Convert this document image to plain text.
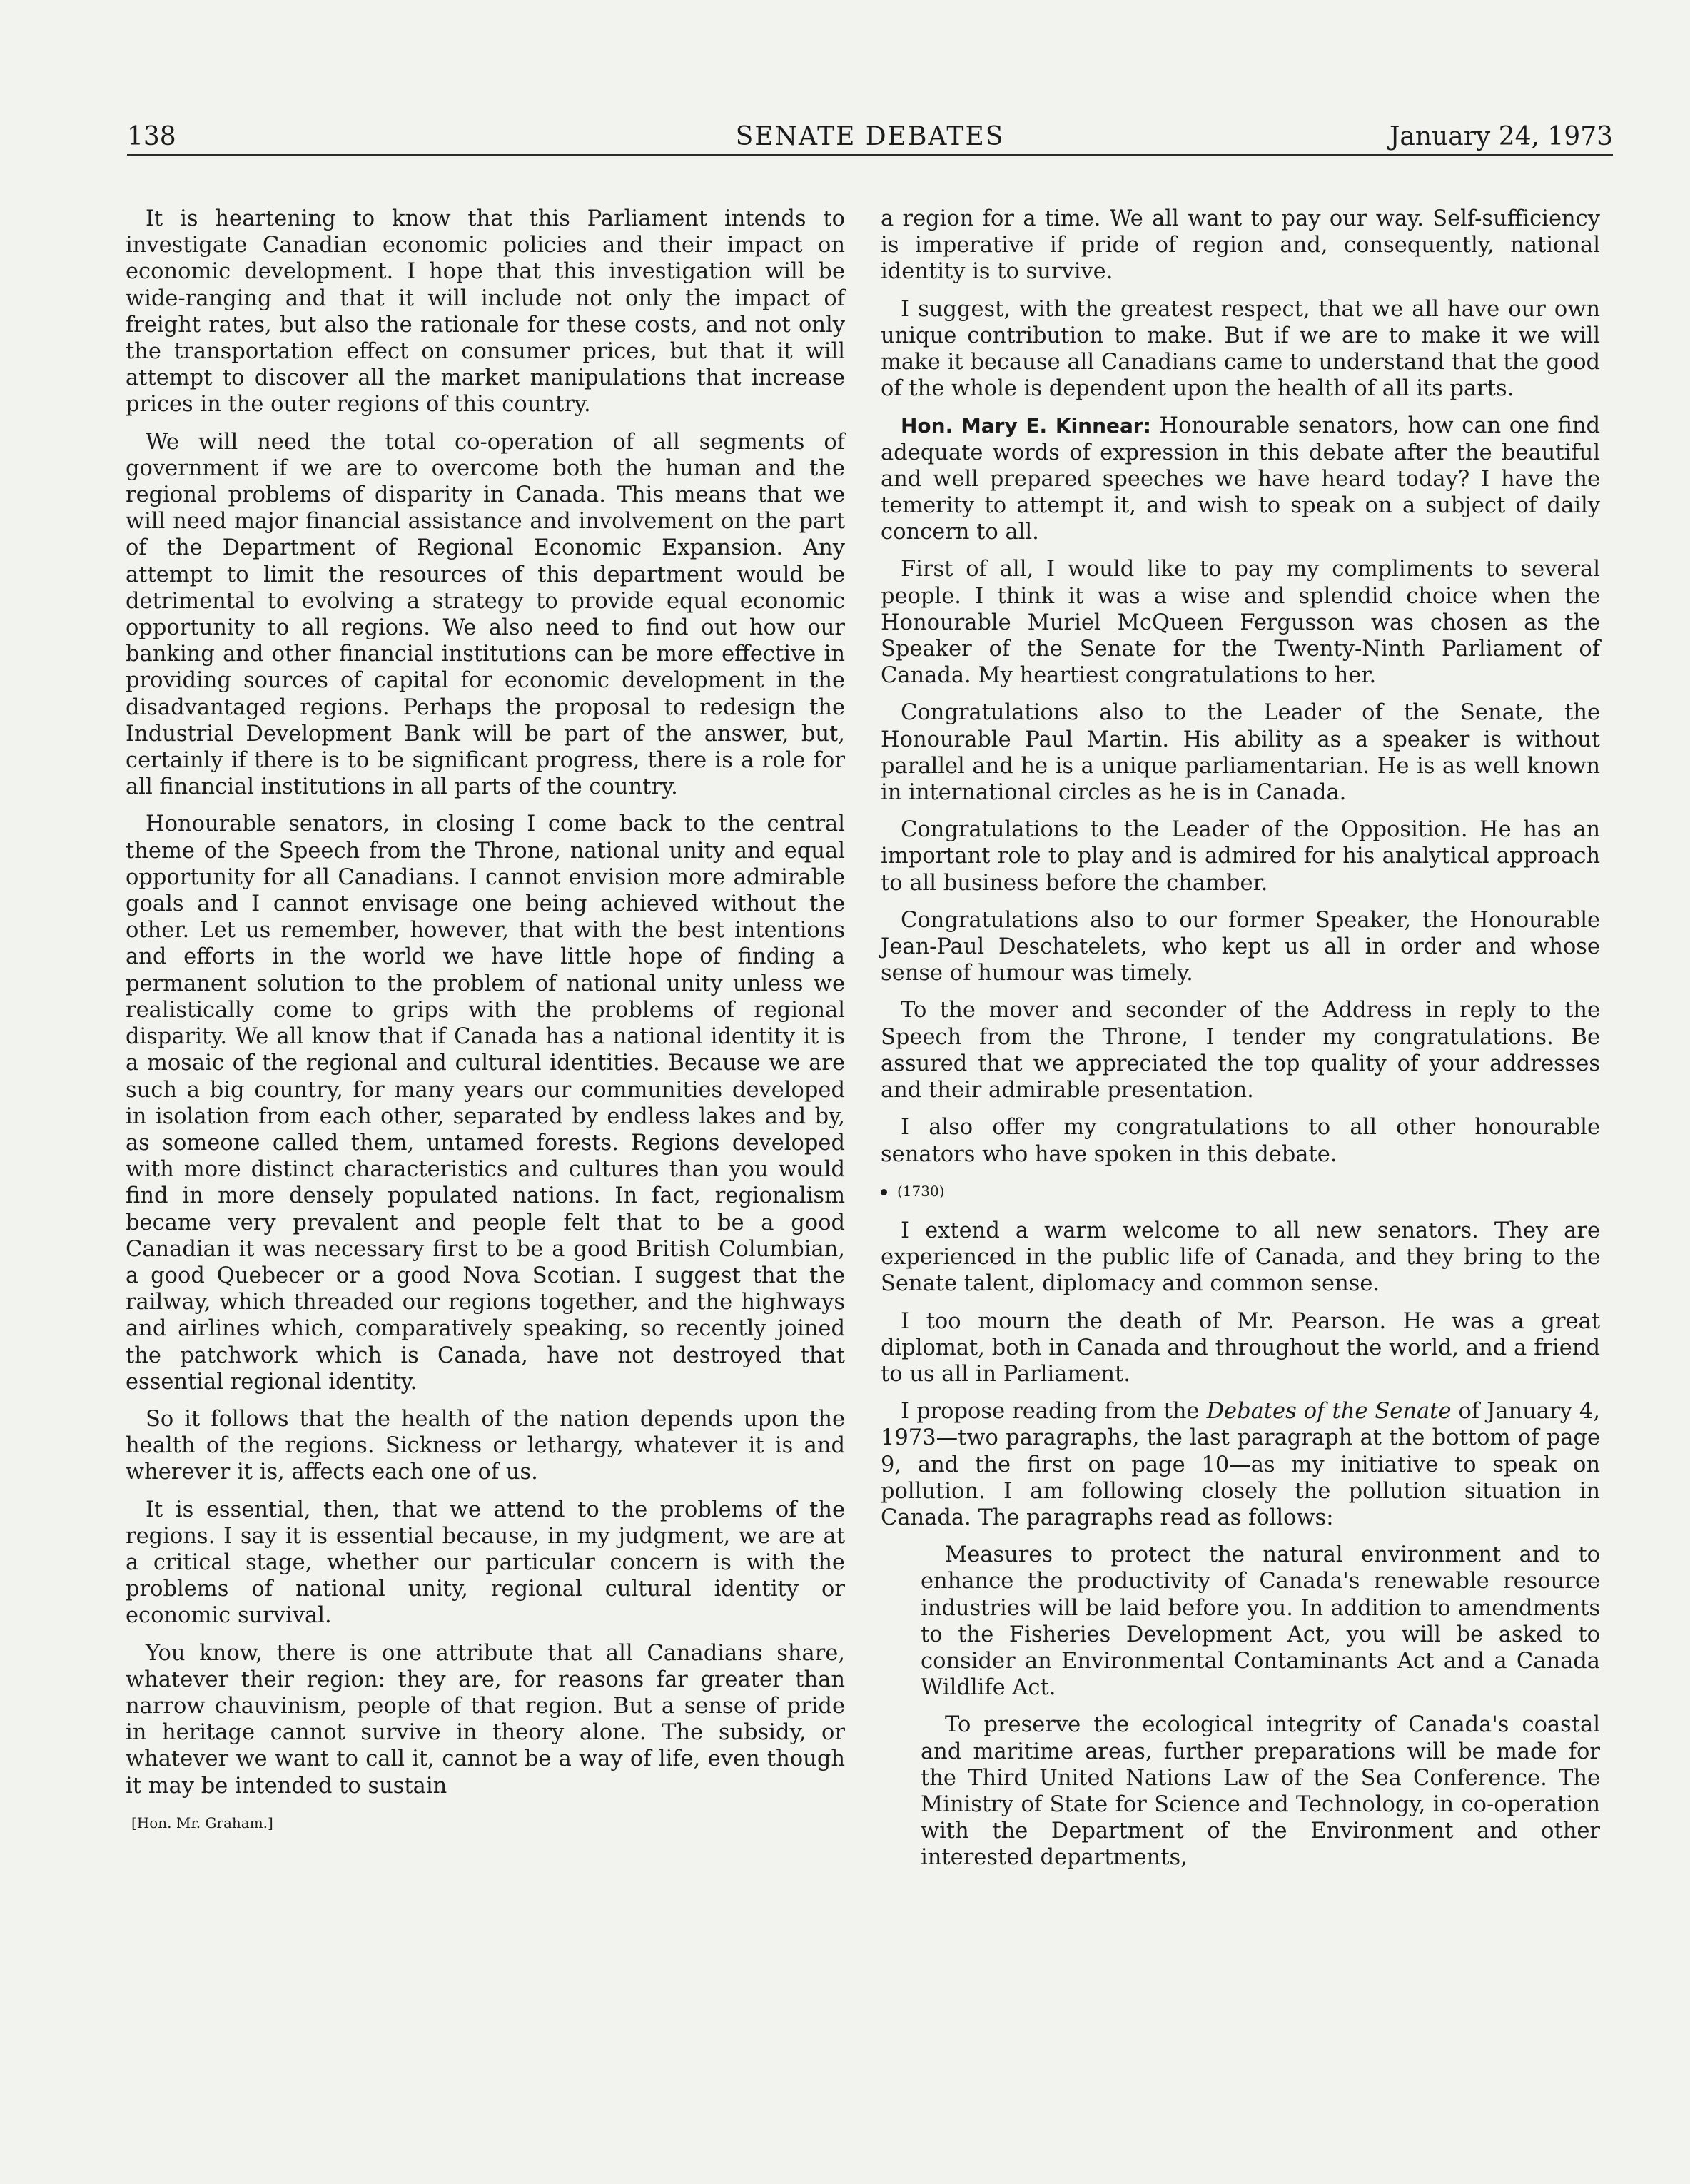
138	SENATE DEBATES	January 24, 1973

It is heartening to know that this Parliament intends to investigate Canadian economic policies and their impact on economic development. I hope that this investigation will be wide-ranging and that it will include not only the impact of freight rates, but also the rationale for these costs, and not only the transportation effect on consumer prices, but that it will attempt to discover all the market manipulations that increase prices in the outer regions of this country.

We will need the total co-operation of all segments of government if we are to overcome both the human and the regional problems of disparity in Canada. This means that we will need major financial assistance and involvement on the part of the Department of Regional Economic Expansion. Any attempt to limit the resources of this department would be detrimental to evolving a strategy to provide equal economic opportunity to all regions. We also need to find out how our banking and other financial institutions can be more effective in providing sources of capital for economic development in the disadvantaged regions. Perhaps the proposal to redesign the Industrial Development Bank will be part of the answer, but, certainly if there is to be significant progress, there is a role for all financial institutions in all parts of the country.

Honourable senators, in closing I come back to the central theme of the Speech from the Throne, national unity and equal opportunity for all Canadians. I cannot envision more admirable goals and I cannot envisage one being achieved without the other. Let us remember, however, that with the best intentions and efforts in the world we have little hope of finding a permanent solution to the problem of national unity unless we realistically come to grips with the problems of regional disparity. We all know that if Canada has a national identity it is a mosaic of the regional and cultural identities. Because we are such a big country, for many years our communities developed in isolation from each other, separated by endless lakes and by, as someone called them, untamed forests. Regions developed with more distinct characteristics and cultures than you would find in more densely populated nations. In fact, regionalism became very prevalent and people felt that to be a good Canadian it was necessary first to be a good British Columbian, a good Quebecer or a good Nova Scotian. I suggest that the railway, which threaded our regions together, and the highways and airlines which, comparatively speaking, so recently joined the patchwork which is Canada, have not destroyed that essential regional identity.

So it follows that the health of the nation depends upon the health of the regions. Sickness or lethargy, whatever it is and wherever it is, affects each one of us.

It is essential, then, that we attend to the problems of the regions. I say it is essential because, in my judgment, we are at a critical stage, whether our particular concern is with the problems of national unity, regional cultural identity or economic survival.

You know, there is one attribute that all Canadians share, whatever their region: they are, for reasons far greater than narrow chauvinism, people of that region. But a sense of pride in heritage cannot survive in theory alone. The subsidy, or whatever we want to call it, cannot be a way of life, even though it may be intended to sustain

[Hon. Mr. Graham.]

a region for a time. We all want to pay our way. Self-sufficiency is imperative if pride of region and, consequently, national identity is to survive.

I suggest, with the greatest respect, that we all have our own unique contribution to make. But if we are to make it we will make it because all Canadians came to understand that the good of the whole is dependent upon the health of all its parts.

Hon. Mary E. Kinnear: Honourable senators, how can one find adequate words of expression in this debate after the beautiful and well prepared speeches we have heard today? I have the temerity to attempt it, and wish to speak on a subject of daily concern to all.

First of all, I would like to pay my compliments to several people. I think it was a wise and splendid choice when the Honourable Muriel McQueen Fergusson was chosen as the Speaker of the Senate for the Twenty-Ninth Parliament of Canada. My heartiest congratulations to her.

Congratulations also to the Leader of the Senate, the Honourable Paul Martin. His ability as a speaker is without parallel and he is a unique parliamentarian. He is as well known in international circles as he is in Canada.

Congratulations to the Leader of the Opposition. He has an important role to play and is admired for his analytical approach to all business before the chamber.

Congratulations also to our former Speaker, the Honourable Jean-Paul Deschatelets, who kept us all in order and whose sense of humour was timely.

To the mover and seconder of the Address in reply to the Speech from the Throne, I tender my congratulations. Be assured that we appreciated the top quality of your addresses and their admirable presentation.

I also offer my congratulations to all other honourable senators who have spoken in this debate.

(1730)

I extend a warm welcome to all new senators. They are experienced in the public life of Canada, and they bring to the Senate talent, diplomacy and common sense.

I too mourn the death of Mr. Pearson. He was a great diplomat, both in Canada and throughout the world, and a friend to us all in Parliament.

I propose reading from the Debates of the Senate of January 4, 1973—two paragraphs, the last paragraph at the bottom of page 9, and the first on page 10—as my initiative to speak on pollution. I am following closely the pollution situation in Canada. The paragraphs read as follows:

Measures to protect the natural environment and to enhance the productivity of Canada's renewable resource industries will be laid before you. In addition to amendments to the Fisheries Development Act, you will be asked to consider an Environmental Contaminants Act and a Canada Wildlife Act.

To preserve the ecological integrity of Canada's coastal and maritime areas, further preparations will be made for the Third United Nations Law of the Sea Conference. The Ministry of State for Science and Technology, in co-operation with the Department of the Environment and other interested departments,
